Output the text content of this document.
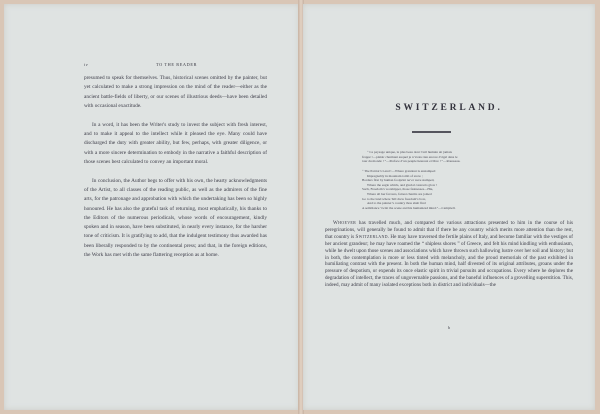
iv	TO THE READER

presumed to speak for themselves. Thus, historical scenes omitted by the painter, but yet calculated to make a strong impression on the mind of the reader—either as the ancient battle-fields of liberty, or our scenes of illustrious deeds—have been detailed with occasional exactitude.

In a word, it has been the Writer's study to invest the subject with fresh interest, and to make it appeal to the intellect while it pleased the eye. Many could have discharged the duty with greater ability, but few, perhaps, with greater diligence, or with a more sincere determination to embody in the narrative a faithful description of those scenes best calculated to convey an important moral.

In conclusion, the Author begs to offer with his own, the hearty acknowledgments of the Artist, to all classes of the reading public, as well as the admirers of the fine arts, for the patronage and approbation with which the undertaking has been so highly honoured. He has also the grateful task of returning, most emphatically, his thanks to the Editors of the numerous periodicals, whose words of encouragement, kindly spoken and in season, have been substituted, in nearly every instance, for the harsher tone of criticism. It is gratifying to add, that the indulgent testimony thus awarded has been liberally responded to by the continental press; and that, in the foreign editions, the Work has met with the same flattering reception as at home.

SWITZERLAND.
“ Ce paysage unique, le plus beau dont l’œil humain ait jamais
frappé !—plaisir charmant auquel je n’avais rien encore d’égal dans le
tour du monde ! ”—Preface d’un peuple heureux et libre ! ”—Rousseau.
“ The Patriot’s Land !—Where grandeur is enstamped
Impregnably in mountain tomb of snow ;
Borders first by human footprint ne’er were stamped,
Where the eagle whirls, and glacial cataracts glow !
Such, Freedom’s worshipper, those fastnesses—Hie,
Where all her favours, fairest charms are joined
Go to the land where Tell drew freedom’s bow,
And to the painter’s country thou shalt find
A semblance ’twixt the scene and his humanized mind.”—Campbell.

Whoever has travelled much, and compared the various attractions presented to him in the course of his peregrinations, will generally be found to admit that if there be any country which merits more attention than the rest, that country is Switzerland. He may have traversed the fertile plains of Italy, and become familiar with the vestiges of her ancient grandeur; he may have roamed the “ shipless shores ” of Greece, and felt his mind kindling with enthusiasm, while he dwelt upon those scenes and associations which have thrown such hallowing lustre over her soil and history; but in both, the contemplation is more or less tinted with melancholy, and the proud memorials of the past exhibited in humiliating contrast with the present. In both the human mind, half divested of its original attributes, groans under the pressure of despotism, or expends its once elastic spirit in trivial pursuits and occupations. Every where he deplores the degradation of intellect, the traces of ungovernable passions, and the baneful influences of a grovelling superstition. This, indeed, may admit of many isolated exceptions both in district and individuals—the

b
